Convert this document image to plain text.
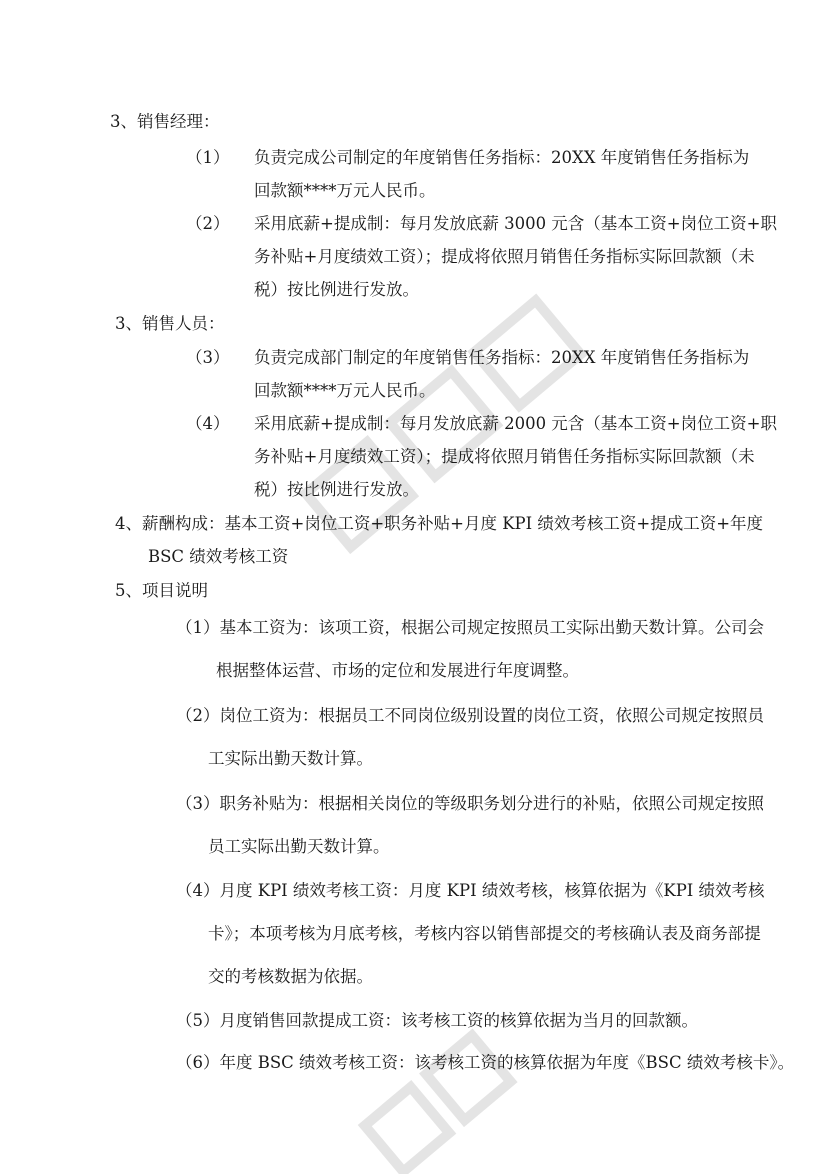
3、销售经理：
（1） 负责完成公司制定的年度销售任务指标：20XX 年度销售任务指标为
回款额****万元人民币。
（2） 采用底薪+提成制：每月发放底薪 3000 元含（基本工资+岗位工资+职
务补贴+月度绩效工资）；提成将依照月销售任务指标实际回款额（未
税）按比例进行发放。
3、销售人员：
（3） 负责完成部门制定的年度销售任务指标：20XX 年度销售任务指标为
回款额****万元人民币。
（4） 采用底薪+提成制：每月发放底薪 2000 元含（基本工资+岗位工资+职
务补贴+月度绩效工资）；提成将依照月销售任务指标实际回款额（未
税）按比例进行发放。
4、薪酬构成：基本工资+岗位工资+职务补贴+月度 KPI 绩效考核工资+提成工资+年度
BSC 绩效考核工资
5、项目说明
（1）基本工资为：该项工资，根据公司规定按照员工实际出勤天数计算。公司会
根据整体运营、市场的定位和发展进行年度调整。
（2）岗位工资为：根据员工不同岗位级别设置的岗位工资，依照公司规定按照员
工实际出勤天数计算。
（3）职务补贴为：根据相关岗位的等级职务划分进行的补贴，依照公司规定按照
员工实际出勤天数计算。
（4）月度 KPI 绩效考核工资：月度 KPI 绩效考核，核算依据为《KPI 绩效考核
卡》；本项考核为月底考核，考核内容以销售部提交的考核确认表及商务部提
交的考核数据为依据。
（5）月度销售回款提成工资：该考核工资的核算依据为当月的回款额。
（6）年度 BSC 绩效考核工资：该考核工资的核算依据为年度《BSC 绩效考核卡》。
